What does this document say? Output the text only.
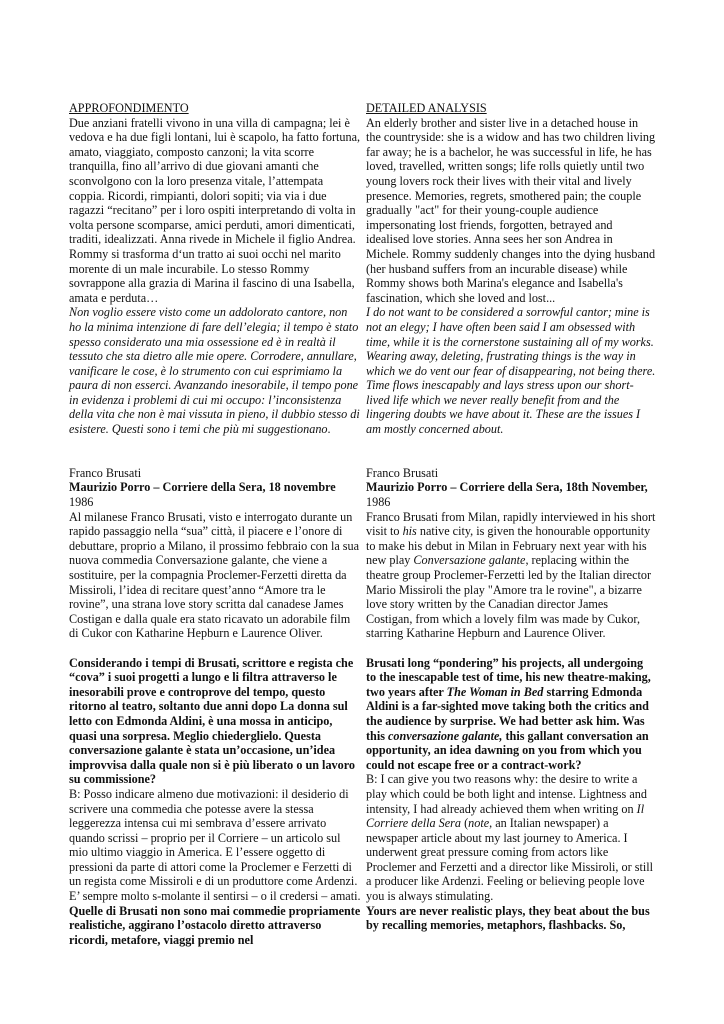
APPROFONDIMENTO

Due anziani fratelli vivono in una villa di campagna; lei è vedova e ha due figli lontani, lui è scapolo, ha fatto fortuna, amato, viaggiato, composto canzoni; la vita scorre tranquilla, fino all’arrivo di due giovani amanti che sconvolgono con la loro presenza vitale, l’attempata coppia. Ricordi, rimpianti, dolori sopiti; via via i due ragazzi “recitano” per i loro ospiti interpretando di volta in volta persone scomparse, amici perduti, amori dimenticati, traditi, idealizzati. Anna rivede in Michele il figlio Andrea. Rommy si trasforma d‘un tratto ai suoi occhi nel marito morente di un male incurabile. Lo stesso Rommy sovrappone alla grazia di Marina il fascino di una Isabella, amata e perduta…

Non voglio essere visto come un addolorato cantore, non ho la minima intenzione di fare dell’elegia; il tempo è stato spesso considerato una mia ossessione ed è in realtà il tessuto che sta dietro alle mie opere. Corrodere, annullare, vanificare le cose, è lo strumento con cui esprimiamo la paura di non esserci. Avanzando inesorabile, il tempo pone in evidenza i problemi di cui mi occupo: l’inconsistenza della vita che non è mai vissuta in pieno, il dubbio stesso di esistere. Questi sono i temi che più mi suggestionano.

Franco Brusati

Maurizio Porro – Corriere della Sera, 18 novembre

1986

Al milanese Franco Brusati, visto e interrogato durante un rapido passaggio nella “sua” città, il piacere e l’onore di debuttare, proprio a Milano, il prossimo febbraio con la sua nuova commedia Conversazione galante, che viene a sostituire, per la compagnia Proclemer-Ferzetti diretta da Missiroli, l’idea di recitare quest’anno “Amore tra le rovine”, una strana love story scritta dal canadese James Costigan e dalla quale era stato ricavato un adorabile film di Cukor con Katharine Hepburn e Laurence Oliver.

Considerando i tempi di Brusati, scrittore e regista che “cova” i suoi progetti a lungo e li filtra attraverso le inesorabili prove e controprove del tempo, questo ritorno al teatro, soltanto due anni dopo La donna sul letto con Edmonda Aldini, è una mossa in anticipo, quasi una sorpresa. Meglio chiederglielo. Questa conversazione galante è stata un’occasione, un’idea improvvisa dalla quale non si è più liberato o un lavoro su commissione?

B: Posso indicare almeno due motivazioni: il desiderio di scrivere una commedia che potesse avere la stessa leggerezza intensa cui mi sembrava d’essere arrivato quando scrissi – proprio per il Corriere – un articolo sul mio ultimo viaggio in America. E l’essere oggetto di pressioni da parte di attori come la Proclemer e Ferzetti di un regista come Missiroli e di un produttore come Ardenzi. E’ sempre molto s-molante il sentirsi – o il credersi – amati.

Quelle di Brusati non sono mai commedie propriamente realistiche, aggirano l’ostacolo diretto attraverso ricordi, metafore, viaggi premio nel

DETAILED ANALYSIS

An elderly brother and sister live in a detached house in the countryside: she is a widow and has two children living far away; he is a bachelor, he was successful in life, he has loved, travelled, written songs; life rolls quietly until two young lovers rock their lives with their vital and lively presence. Memories, regrets, smothered pain; the couple gradually "act" for their young-couple audience impersonating lost friends, forgotten, betrayed and idealised love stories. Anna sees her son Andrea in Michele. Rommy suddenly changes into the dying husband (her husband suffers from an incurable disease) while Rommy shows both Marina's elegance and Isabella's fascination, which she loved and lost...

I do not want to be considered a sorrowful cantor; mine is not an elegy; I have often been said I am obsessed with time, while it is the cornerstone sustaining all of my works. Wearing away, deleting, frustrating things is the way in which we do vent our fear of disappearing, not being there. Time flows inescapably and lays stress upon our short-lived life which we never really benefit from and the lingering doubts we have about it. These are the issues I am mostly concerned about.

Franco Brusati

Maurizio Porro – Corriere della Sera, 18th November,

1986

Franco Brusati from Milan, rapidly interviewed in his short visit to his native city, is given the honourable opportunity to make his debut in Milan in February next year with his new play Conversazione galante, replacing within the theatre group Proclemer-Ferzetti led by the Italian director Mario Missiroli the play "Amore tra le rovine", a bizarre love story written by the Canadian director James Costigan, from which a lovely film was made by Cukor, starring Katharine Hepburn and Laurence Oliver.

Brusati long “pondering” his projects, all undergoing to the inescapable test of time, his new theatre-making, two years after The Woman in Bed starring Edmonda Aldini is a far-sighted move taking both the critics and the audience by surprise. We had better ask him. Was this conversazione galante, this gallant conversation an opportunity, an idea dawning on you from which you could not escape free or a contract-work?

B: I can give you two reasons why: the desire to write a play which could be both light and intense. Lightness and intensity, I had already achieved them when writing on Il Corriere della Sera (note, an Italian newspaper) a newspaper article about my last journey to America. I underwent great pressure coming from actors like Proclemer and Ferzetti and a director like Missiroli, or still a producer like Ardenzi. Feeling or believing people love you is always stimulating.

Yours are never realistic plays, they beat about the bus by recalling memories, metaphors, flashbacks. So,
